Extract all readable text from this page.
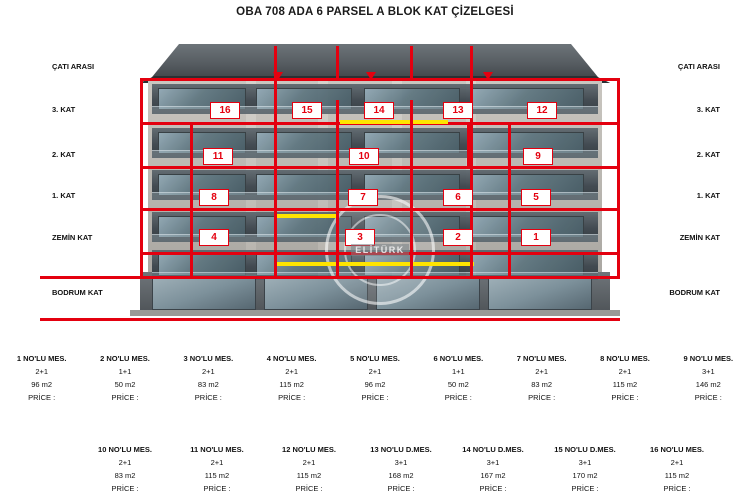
OBA 708 ADA 6 PARSEL A BLOK KAT ÇİZELGESİ
ELİTÜRK
16	15	14	13	12
11	10	9
8	7	6	5
4	3	2	1
ÇATI ARASI
3. KAT
2. KAT
1. KAT
ZEMİN KAT
BODRUM KAT
ÇATI ARASI
3. KAT
2. KAT
1. KAT
ZEMİN KAT
BODRUM KAT
1 NO'LU MES.
2+1
96 m2
PRİCE :
2 NO'LU MES.
1+1
50 m2
PRİCE :
3 NO'LU MES.
2+1
83 m2
PRİCE :
4 NO'LU MES.
2+1
115 m2
PRİCE :
5 NO'LU MES.
2+1
96 m2
PRİCE :
6 NO'LU MES.
1+1
50 m2
PRİCE :
7 NO'LU MES.
2+1
83 m2
PRİCE :
8 NO'LU MES.
2+1
115 m2
PRİCE :
9 NO'LU MES.
3+1
146 m2
PRİCE :
10 NO'LU MES.
2+1
83 m2
PRİCE :
11 NO'LU MES.
2+1
115 m2
PRİCE :
12 NO'LU MES.
2+1
115 m2
PRİCE :
13 NO'LU D.MES.
3+1
168 m2
PRİCE :
14 NO'LU D.MES.
3+1
167 m2
PRİCE :
15 NO'LU D.MES.
3+1
170 m2
PRİCE :
16 NO'LU MES.
2+1
115 m2
PRİCE :
